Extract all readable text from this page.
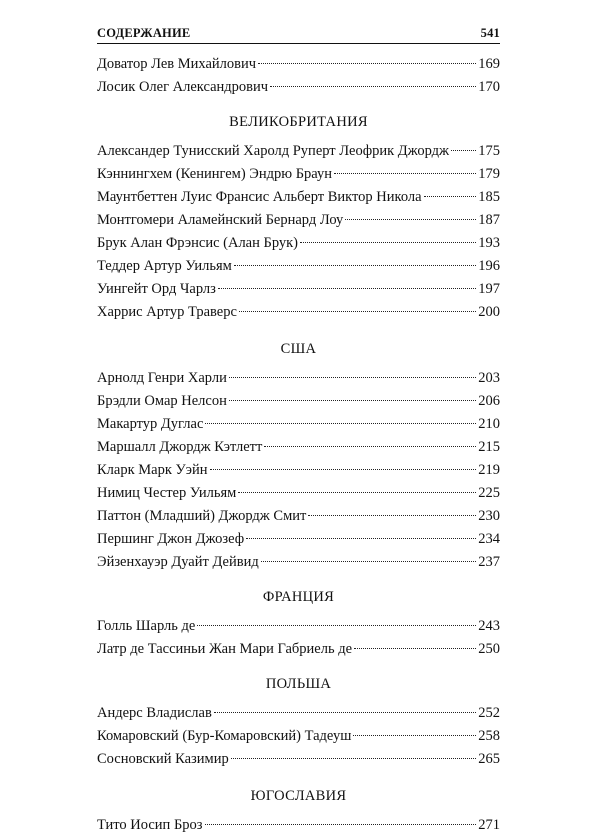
СОДЕРЖАНИЕ	541
Доватор Лев Михайлович	169
Лосик Олег Александрович	170
ВЕЛИКОБРИТАНИЯ
Александер Тунисский Харолд Руперт Леофрик Джордж 175
Кэннингхем (Кенингем) Эндрю Браун	179
Маунтбеттен Луис Франсис Альберт Виктор Никола	185
Монтгомери Аламейнский Бернард Лоу	187
Брук Алан Фрэнсис (Алан Брук)	193
Теддер Артур Уильям	196
Уингейт Орд Чарлз	197
Харрис Артур Траверс	200
США
Арнолд Генри Харли	203
Брэдли Омар Нелсон	206
Макартур Дуглас	210
Маршалл Джордж Кэтлетт	215
Кларк Марк Уэйн	219
Нимиц Честер Уильям	225
Паттон (Младший) Джордж Смит	230
Першинг Джон Джозеф	234
Эйзенхауэр Дуайт Дейвид	237
ФРАНЦИЯ
Голль Шарль де	243
Латр де Тассиньи Жан Мари Габриель де	250
ПОЛЬША
Андерс Владислав	252
Комаровский (Бур-Комаровский) Тадеуш	258
Сосновский Казимир	265
ЮГОСЛАВИЯ
Тито Иосип Броз	271
